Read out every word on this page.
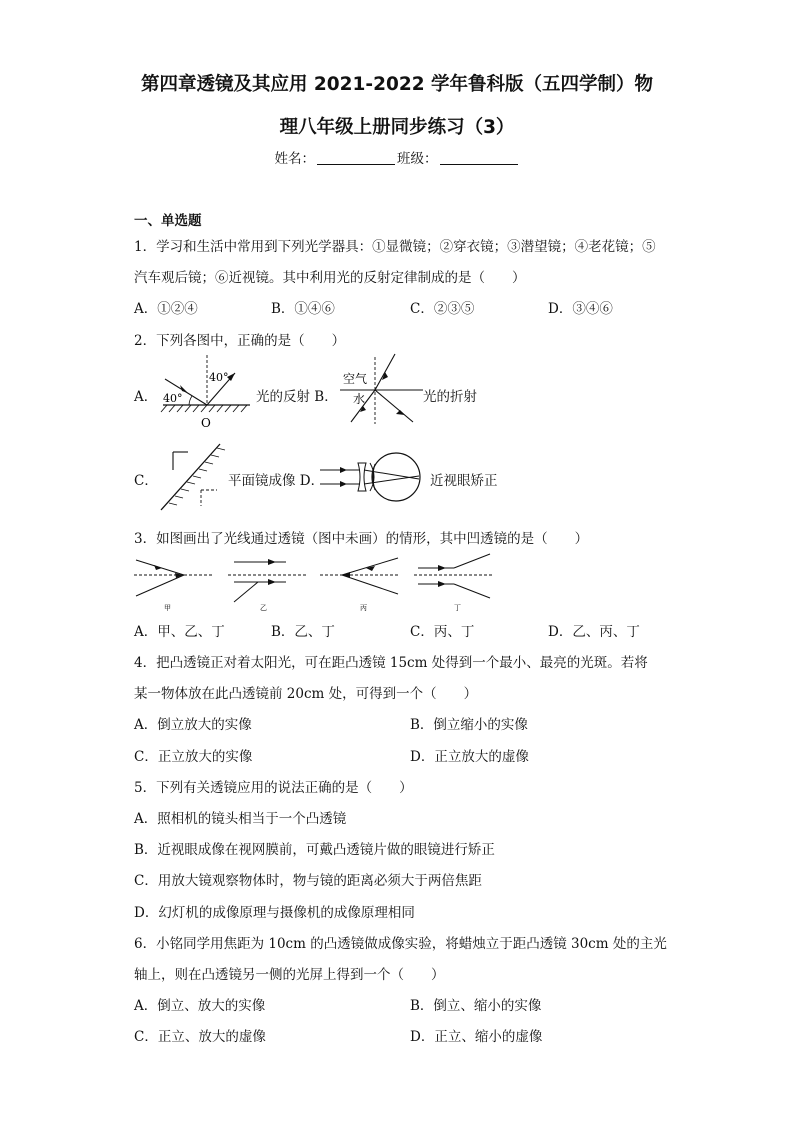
第四章透镜及其应用 2021-2022 学年鲁科版（五四学制）物
理八年级上册同步练习（3）
姓名：	班级：
一、单选题
1．学习和生活中常用到下列光学器具：①显微镜；②穿衣镜；③潜望镜；④老花镜；⑤
汽车观后镜；⑥近视镜。其中利用光的反射定律制成的是（　　）
A．①②④	B．①④⑥	C．②③⑤	D．③④⑥
2．下列各图中，正确的是（　　）
A． 40°
40°
O
光的反射 B．
空气
水	光的折射
C．	平面镜成像 D．	近视眼矫正
3．如图画出了光线通过透镜（图中未画）的情形，其中凹透镜的是（　　）
甲	乙	丙	丁
A．甲、乙、丁	B．乙、丁	C．丙、丁	D．乙、丙、丁
4．把凸透镜正对着太阳光，可在距凸透镜 15cm 处得到一个最小、最亮的光斑。若将
某一物体放在此凸透镜前 20cm 处，可得到一个（　　）
A．倒立放大的实像	B．倒立缩小的实像
C．正立放大的实像	D．正立放大的虚像
5．下列有关透镜应用的说法正确的是（　　）
A．照相机的镜头相当于一个凸透镜
B．近视眼成像在视网膜前，可戴凸透镜片做的眼镜进行矫正
C．用放大镜观察物体时，物与镜的距离必须大于两倍焦距
D．幻灯机的成像原理与摄像机的成像原理相同
6．小铭同学用焦距为 10cm 的凸透镜做成像实验，将蜡烛立于距凸透镜 30cm 处的主光
轴上，则在凸透镜另一侧的光屏上得到一个（　　）
A．倒立、放大的实像	B．倒立、缩小的实像
C．正立、放大的虚像	D．正立、缩小的虚像
